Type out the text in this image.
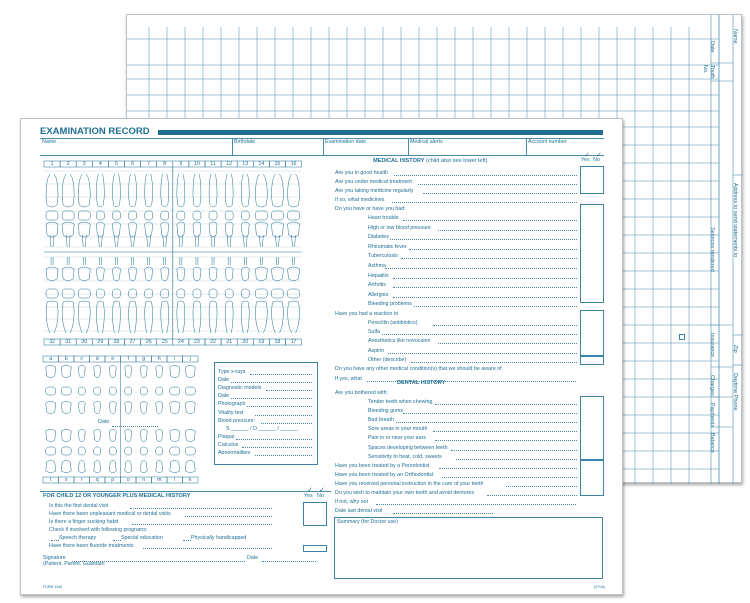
Date
Tooth No.
Services rendered
Insurance
Charges
Payments
Balance
Name
Address to send statements to
Zip
Daytime Phone
EXAMINATION RECORD
Name	Birthdate	Examination date	Medical alerts	Account number
1	2	3	4	5	6	7	8	9	10	11	12	13	14	15	16
32	31	30	29	28	27	26	25	24	23	22	21	20	19	18	17
a	b	c	d	e	f	g	h	i	j
t	s	r	q	p	o	n	m	l	k
Date
Type x-rays
Date
Diagnostic models
Date
Photograph
Vitality test
Blood pressure:
S ______ / D ______ / ______
Plaque
Calculus
Abnormalities
FOR CHILD 12 OR YOUNGER PLUS MEDICAL HISTORY	Yes No
✓ ✓
Is this the first dental visit
Have there been unpleasant medical or dental visits
Is there a finger sucking habit
Check if involved with following programs:
Have there been fluoride treatments
Speech therapy	Special education	Physically handicapped
Signature	Date
(Patient, Parent, Guardian
FORM 1446	(07/16)
MEDICAL HISTORY (child also see lower left)	Yes No
✓ ✓
Are you in good health
Are you under medical treatment
Are you taking medicine regularly
If so, what medicines
Do you have or have you had:
Heart trouble
High or low blood pressure
Diabetes
Rheumatic fever
Tuberculosis
Asthma
Hepatitis
Arthritis
Allergies
Bleeding problems
Have you had a reaction to
Penicillin (antibiotics)
Sulfa
Anesthetics like novocaine
Aspirin
Other (describe)
Do you have any other medical condition(s) that we should be aware of
If yes, what
DENTAL HISTORY
Are you bothered with:
Tender teeth when chewing
Bleeding gums
Bad breath
Sore areas in your mouth
Pain in or near your ears
Spaces developing between teeth
Sensitivity to heat, cold, sweets
Have you been treated by a Periodontist
Have you been treated by an Orthodontist
Have you received personal instruction in the care of your teeth
Do you wish to maintain your own teeth and avoid dentures
If not, why not
Date last dental visit
Summary (for Doctor use)
